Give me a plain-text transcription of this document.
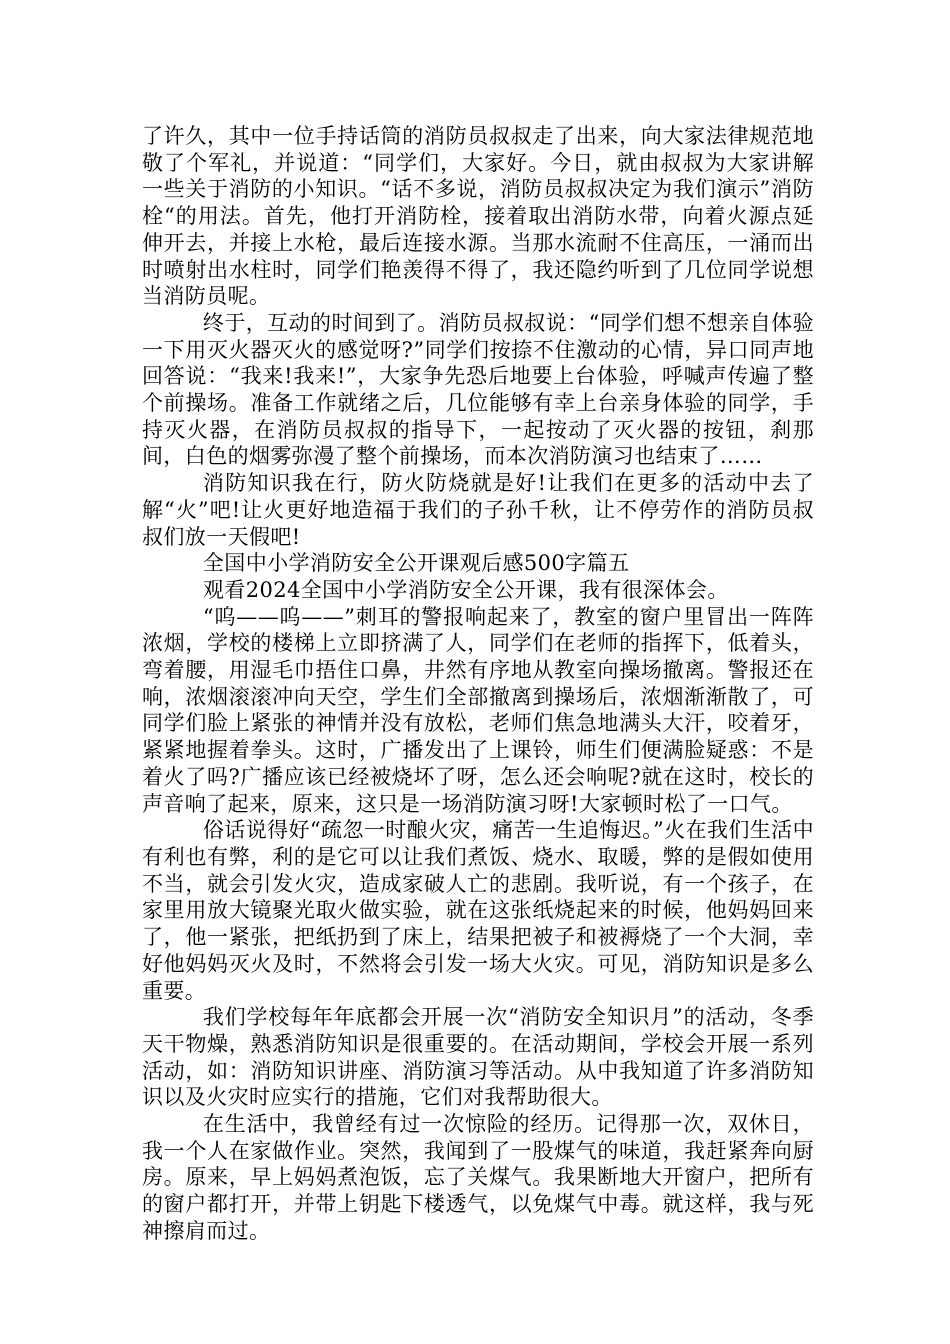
了许久，其中一位手持话筒的消防员叔叔走了出来，向大家法律规范地敬了个军礼，并说道：“同学们，大家好。今日，就由叔叔为大家讲解一些关于消防的小知识。“话不多说，消防员叔叔决定为我们演示”消防栓“的用法。首先，他打开消防栓，接着取出消防水带，向着火源点延伸开去，并接上水枪，最后连接水源。当那水流耐不住高压，一涌而出时喷射出水柱时，同学们艳羡得不得了，我还隐约听到了几位同学说想当消防员呢。

终于，互动的时间到了。消防员叔叔说：“同学们想不想亲自体验一下用灭火器灭火的感觉呀?”同学们按捺不住激动的心情，异口同声地回答说：“我来!我来!”，大家争先恐后地要上台体验，呼喊声传遍了整个前操场。准备工作就绪之后，几位能够有幸上台亲身体验的同学，手持灭火器，在消防员叔叔的指导下，一起按动了灭火器的按钮，刹那间，白色的烟雾弥漫了整个前操场，而本次消防演习也结束了……

消防知识我在行，防火防烧就是好!让我们在更多的活动中去了解“火”吧!让火更好地造福于我们的子孙千秋，让不停劳作的消防员叔叔们放一天假吧!

全国中小学消防安全公开课观后感500字篇五

观看2024全国中小学消防安全公开课，我有很深体会。

“呜——呜——”刺耳的警报响起来了，教室的窗户里冒出一阵阵浓烟，学校的楼梯上立即挤满了人，同学们在老师的指挥下，低着头，弯着腰，用湿毛巾捂住口鼻，井然有序地从教室向操场撤离。警报还在响，浓烟滚滚冲向天空，学生们全部撤离到操场后，浓烟渐渐散了，可同学们脸上紧张的神情并没有放松，老师们焦急地满头大汗，咬着牙，紧紧地握着拳头。这时，广播发出了上课铃，师生们便满脸疑惑：不是着火了吗?广播应该已经被烧坏了呀，怎么还会响呢?就在这时，校长的声音响了起来，原来，这只是一场消防演习呀!大家顿时松了一口气。

俗话说得好“疏忽一时酿火灾，痛苦一生追悔迟。”火在我们生活中有利也有弊，利的是它可以让我们煮饭、烧水、取暖，弊的是假如使用不当，就会引发火灾，造成家破人亡的悲剧。我听说，有一个孩子，在家里用放大镜聚光取火做实验，就在这张纸烧起来的时候，他妈妈回来了，他一紧张，把纸扔到了床上，结果把被子和被褥烧了一个大洞，幸好他妈妈灭火及时，不然将会引发一场大火灾。可见，消防知识是多么重要。

我们学校每年年底都会开展一次“消防安全知识月”的活动，冬季天干物燥，熟悉消防知识是很重要的。在活动期间，学校会开展一系列活动，如：消防知识讲座、消防演习等活动。从中我知道了许多消防知识以及火灾时应实行的措施，它们对我帮助很大。

在生活中，我曾经有过一次惊险的经历。记得那一次，双休日，我一个人在家做作业。突然，我闻到了一股煤气的味道，我赶紧奔向厨房。原来，早上妈妈煮泡饭，忘了关煤气。我果断地大开窗户，把所有的窗户都打开，并带上钥匙下楼透气，以免煤气中毒。就这样，我与死神擦肩而过。
